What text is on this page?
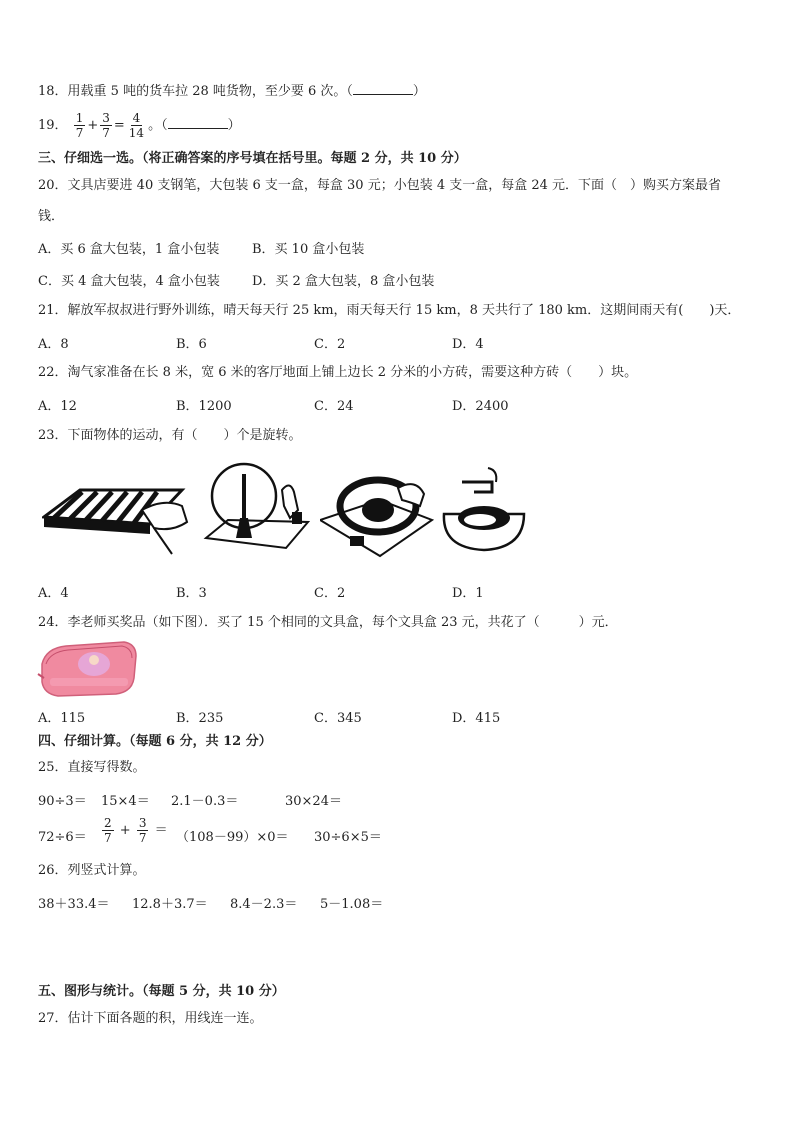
18．用载重 5 吨的货车拉 28 吨货物，至少要 6 次。（	）
19． $\frac{1}{7} + \frac{3}{7} = \frac{4}{14}$ 。（	）
三、仔细选一选。（将正确答案的序号填在括号里。每题 2 分，共 10 分）
20．文具店要进 40 支钢笔，大包装 6 支一盒，每盒 30 元；小包装 4 支一盒，每盒 24 元．下面（　）购买方案最省
钱．
A．买 6 盒大包装，1 盒小包装	B．买 10 盒小包装
C．买 4 盒大包装，4 盒小包装 D．买 2 盒大包装，8 盒小包装
21．解放军叔叔进行野外训练，晴天每天行 25 km，雨天每天行 15 km，8 天共行了 180 km．这期间雨天有(　　)天．
A．8	B．6	C．2	D．4
22．淘气家准备在长 8 米，宽 6 米的客厅地面上铺上边长 2 分米的小方砖，需要这种方砖（　　）块。
A．12	B．1200	C．24	D．2400
23．下面物体的运动，有（　　）个是旋转。
A．4	B．3	C．2	D．1
24．李老师买奖品（如下图）．买了 15 个相同的文具盒，每个文具盒 23 元，共花了（　　　）元．
A．115	B．235	C．345	D．415
四、仔细计算。（每题 6 分，共 12 分）
25．直接写得数。
90÷3＝ 15×4＝ 2.1－0.3＝	30×24＝
$72\div 6= \frac{2}{7} + \frac{3}{7} = (108-99)\times 0= 30\div 6\times 5=$
26．列竖式计算。
38＋33.4＝ 12.8＋3.7＝ 8.4－2.3＝ 5－1.08＝
五、图形与统计。（每题 5 分，共 10 分）
27．估计下面各题的积，用线连一连。
